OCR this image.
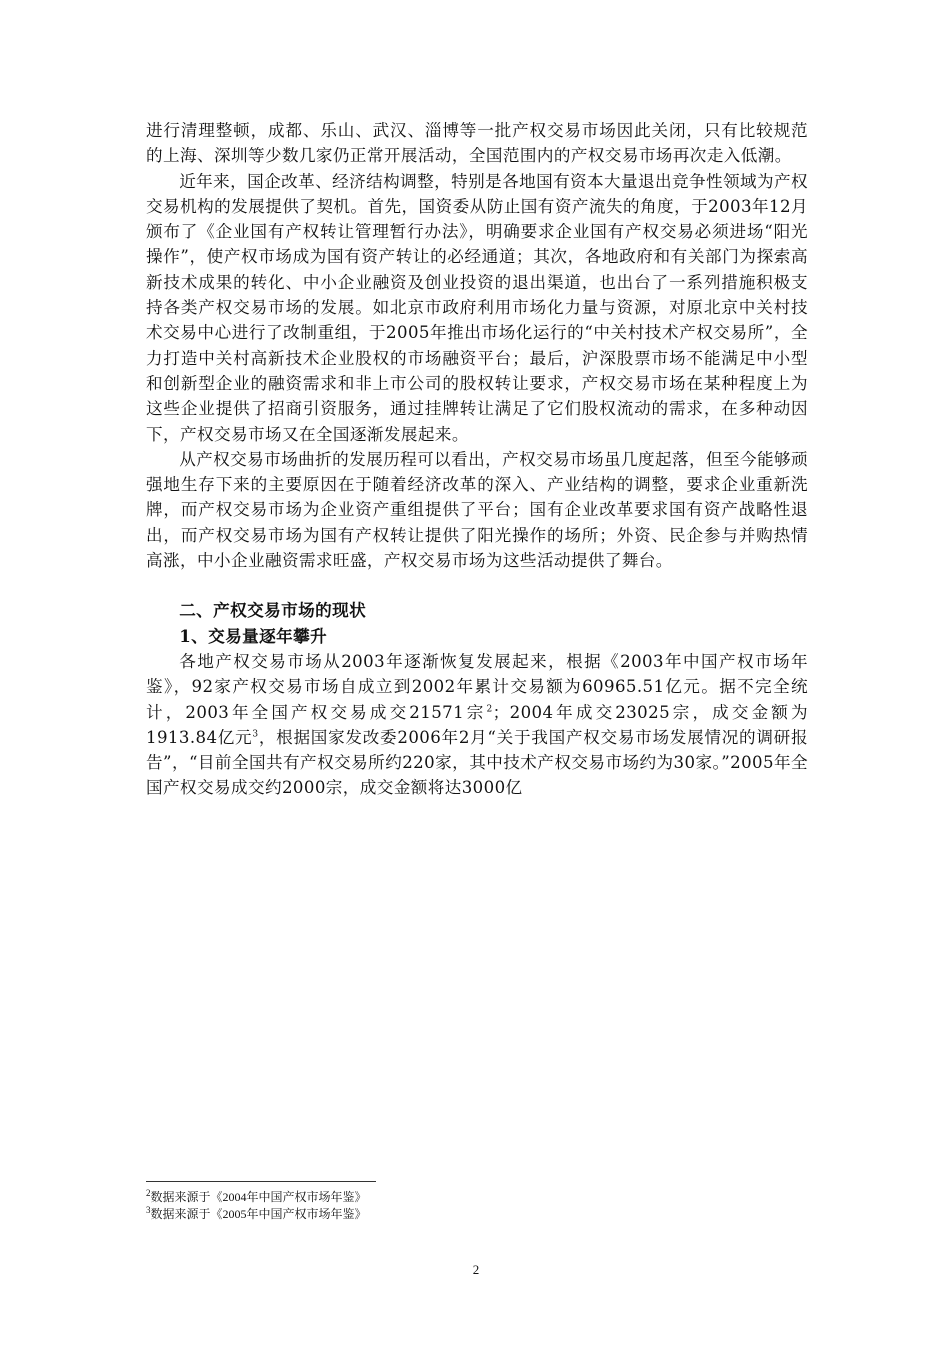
进行清理整顿，成都、乐山、武汉、淄博等一批产权交易市场因此关闭，只有比较规范的上海、深圳等少数几家仍正常开展活动，全国范围内的产权交易市场再次走入低潮。

近年来，国企改革、经济结构调整，特别是各地国有资本大量退出竞争性领域为产权交易机构的发展提供了契机。首先，国资委从防止国有资产流失的角度，于2003年12月颁布了《企业国有产权转让管理暂行办法》，明确要求企业国有产权交易必须进场“阳光操作”，使产权市场成为国有资产转让的必经通道；其次，各地政府和有关部门为探索高新技术成果的转化、中小企业融资及创业投资的退出渠道，也出台了一系列措施积极支持各类产权交易市场的发展。如北京市政府利用市场化力量与资源，对原北京中关村技术交易中心进行了改制重组，于2005年推出市场化运行的“中关村技术产权交易所”，全力打造中关村高新技术企业股权的市场融资平台；最后，沪深股票市场不能满足中小型和创新型企业的融资需求和非上市公司的股权转让要求，产权交易市场在某种程度上为这些企业提供了招商引资服务，通过挂牌转让满足了它们股权流动的需求，在多种动因下，产权交易市场又在全国逐渐发展起来。

从产权交易市场曲折的发展历程可以看出，产权交易市场虽几度起落，但至今能够顽强地生存下来的主要原因在于随着经济改革的深入、产业结构的调整，要求企业重新洗牌，而产权交易市场为企业资产重组提供了平台；国有企业改革要求国有资产战略性退出，而产权交易市场为国有产权转让提供了阳光操作的场所；外资、民企参与并购热情高涨，中小企业融资需求旺盛，产权交易市场为这些活动提供了舞台。

二、产权交易市场的现状

1、交易量逐年攀升

各地产权交易市场从2003年逐渐恢复发展起来，根据《2003年中国产权市场年鉴》，92家产权交易市场自成立到2002年累计交易额为60965.51亿元。据不完全统计，2003年全国产权交易成交21571宗$^2$；2004年成交23025宗，成交金额为1913.84亿元$^3$，根据国家发改委2006年2月“关于我国产权交易市场发展情况的调研报告”，“目前全国共有产权交易所约220家，其中技术产权交易市场约为30家。”2005年全国产权交易成交约2000宗，成交金额将达3000亿

$^2$数据来源于《2004年中国产权市场年鉴》

$^3$数据来源于《2005年中国产权市场年鉴》

2
